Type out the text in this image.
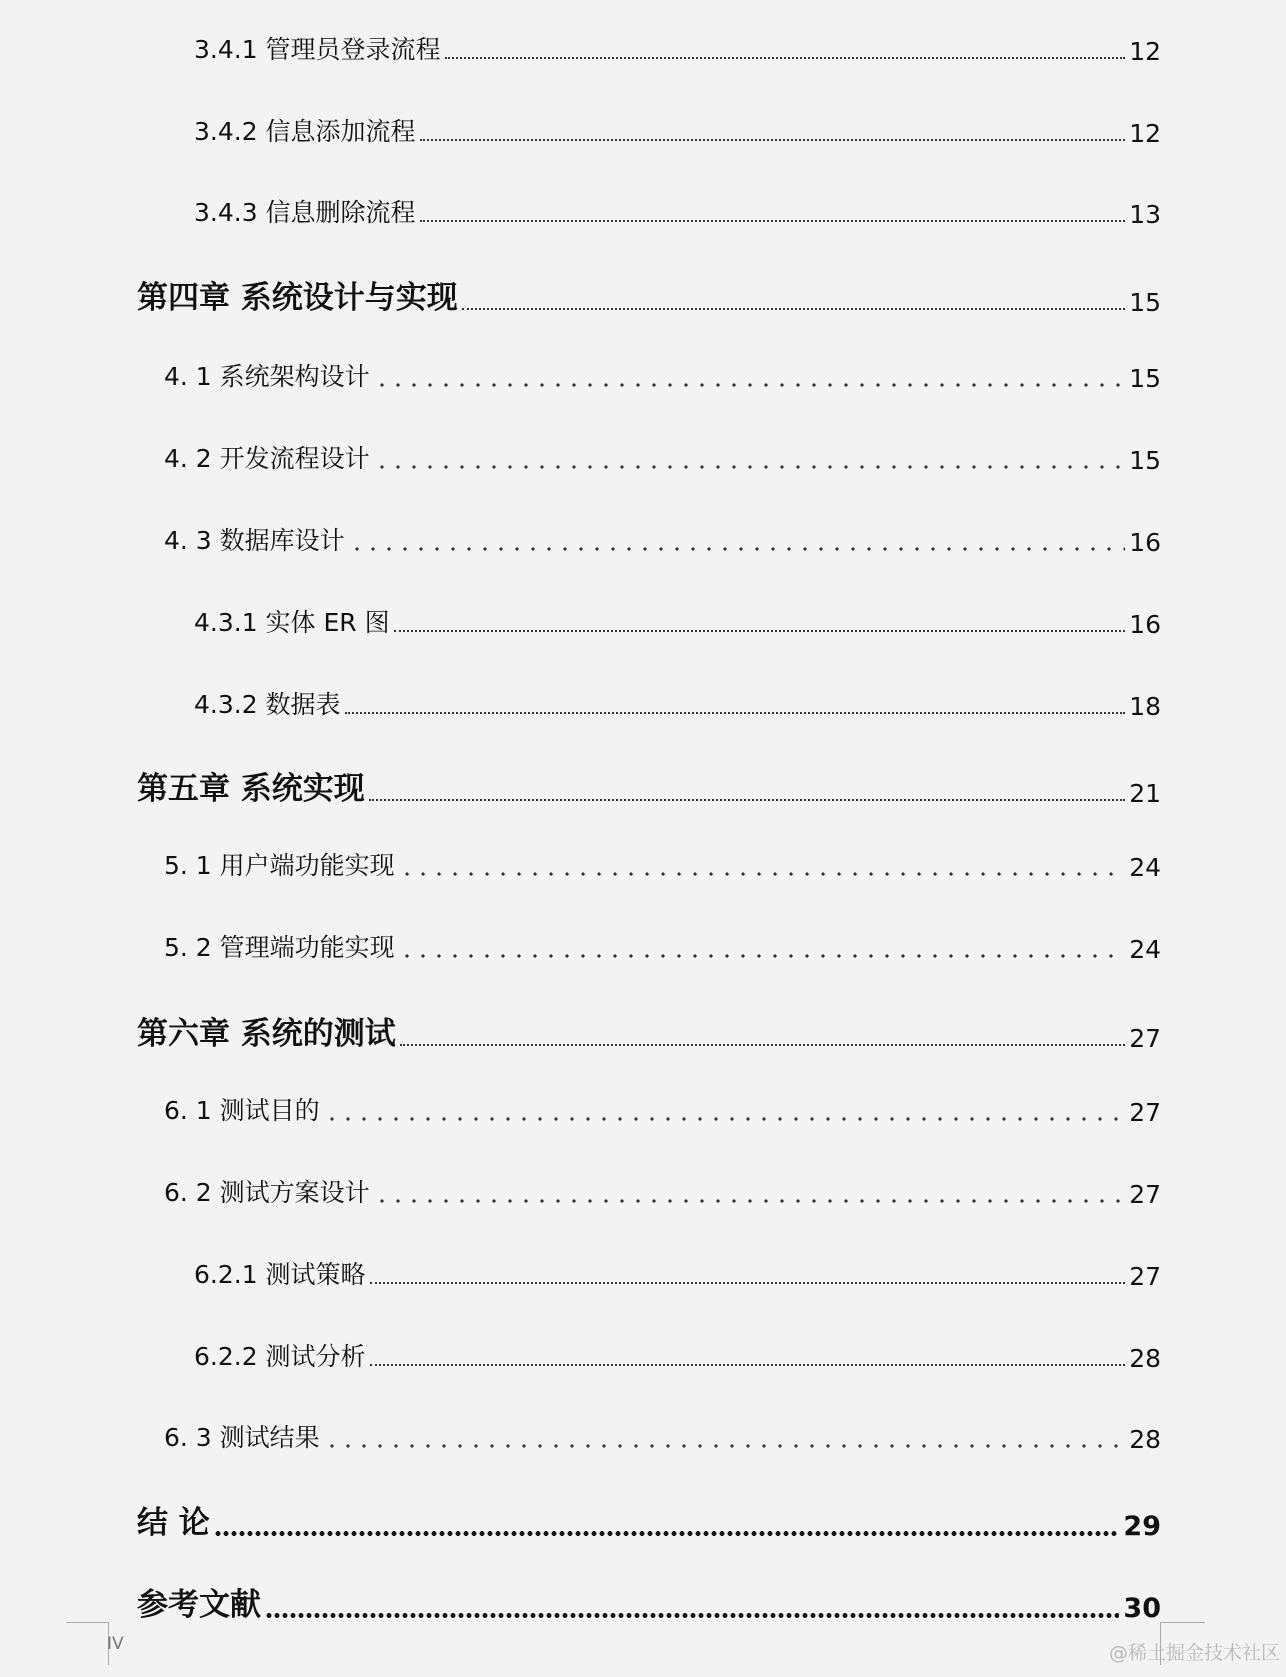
3.4.1 管理员登录流程	12
3.4.2 信息添加流程	12
3.4.3 信息删除流程	13
第四章 系统设计与实现	15
4. 1 系统架构设计	15
4. 2 开发流程设计	15
4. 3 数据库设计	16
4.3.1 实体 ER 图	16
4.3.2 数据表	18
第五章 系统实现	21
5. 1 用户端功能实现	24
5. 2 管理端功能实现	24
第六章 系统的测试	27
6. 1 测试目的	27
6. 2 测试方案设计	27
6.2.1 测试策略	27
6.2.2 测试分析	28
6. 3 测试结果	28
结 论	29
参考文献	30
IV	@稀土掘金技术社区
